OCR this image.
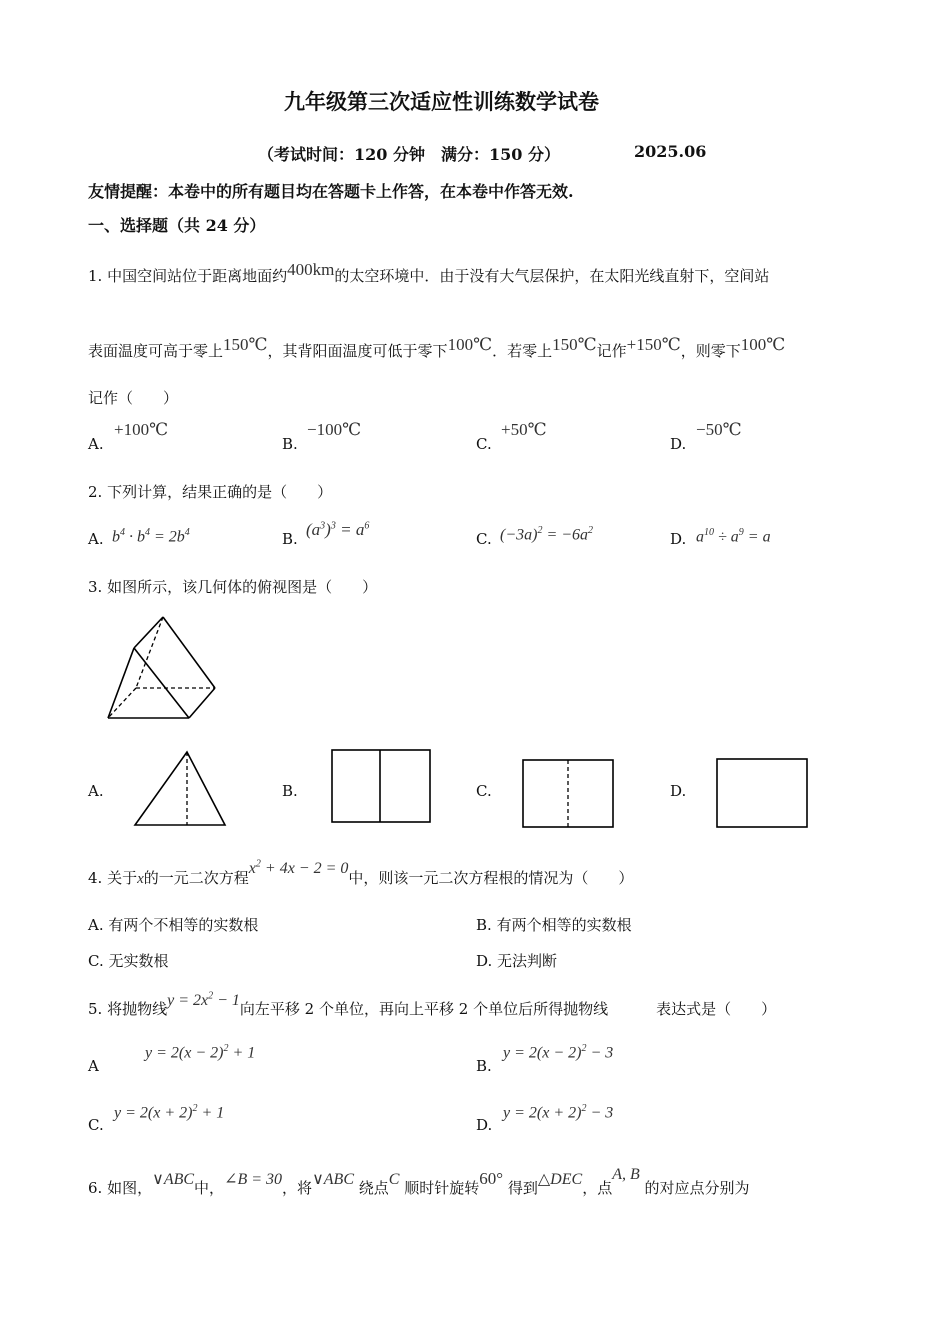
九年级第三次适应性训练数学试卷
（考试时间：120 分钟　满分：150 分）	2025.06
友情提醒：本卷中的所有题目均在答题卡上作答，在本卷中作答无效.
一、选择题（共 24 分）
1. 中国空间站位于距离地面约400km的太空环境中．由于没有大气层保护，在太阳光线直射下，空间站
表面温度可高于零上150℃，其背阳面温度可低于零下100℃．若零上150℃记作+150℃，则零下100℃
记作（　　）
A.
+100℃
B.
−100℃
C.
+50℃
D.
−50℃
2. 下列计算，结果正确的是（　　）
A. $b^4 \cdot b^4 = 2b^4$	B. $(a^3)^3 = a^6$
C. $(-3a)^2 = -6a^2$	D. $a^{10} \div a^9 = a$
3. 如图所示，该几何体的俯视图是（　　）
A.	B.	C.	D.
4. 关于x的一元二次方程$x^2 + 4x - 2 = 0$中，则该一元二次方程根的情况为（　　）
A. 有两个不相等的实数根	B. 有两个相等的实数根
C. 无实数根	D. 无法判断
5. 将抛物线$y = 2x^2 - 1$向左平移 2 个单位，再向上平移 2 个单位后所得抛物线	表达式是（　　）
A
$y = 2(x - 2)^2 + 1$
B.
$y = 2(x - 2)^2 - 3$
C.
$y = 2(x + 2)^2 + 1$
D.
$y = 2(x + 2)^2 - 3$
6. 如图，∨ABC中，∠B = 30，将∨ABC 绕点C 顺时针旋转60° 得到△DEC，点A, B 的对应点分别为
